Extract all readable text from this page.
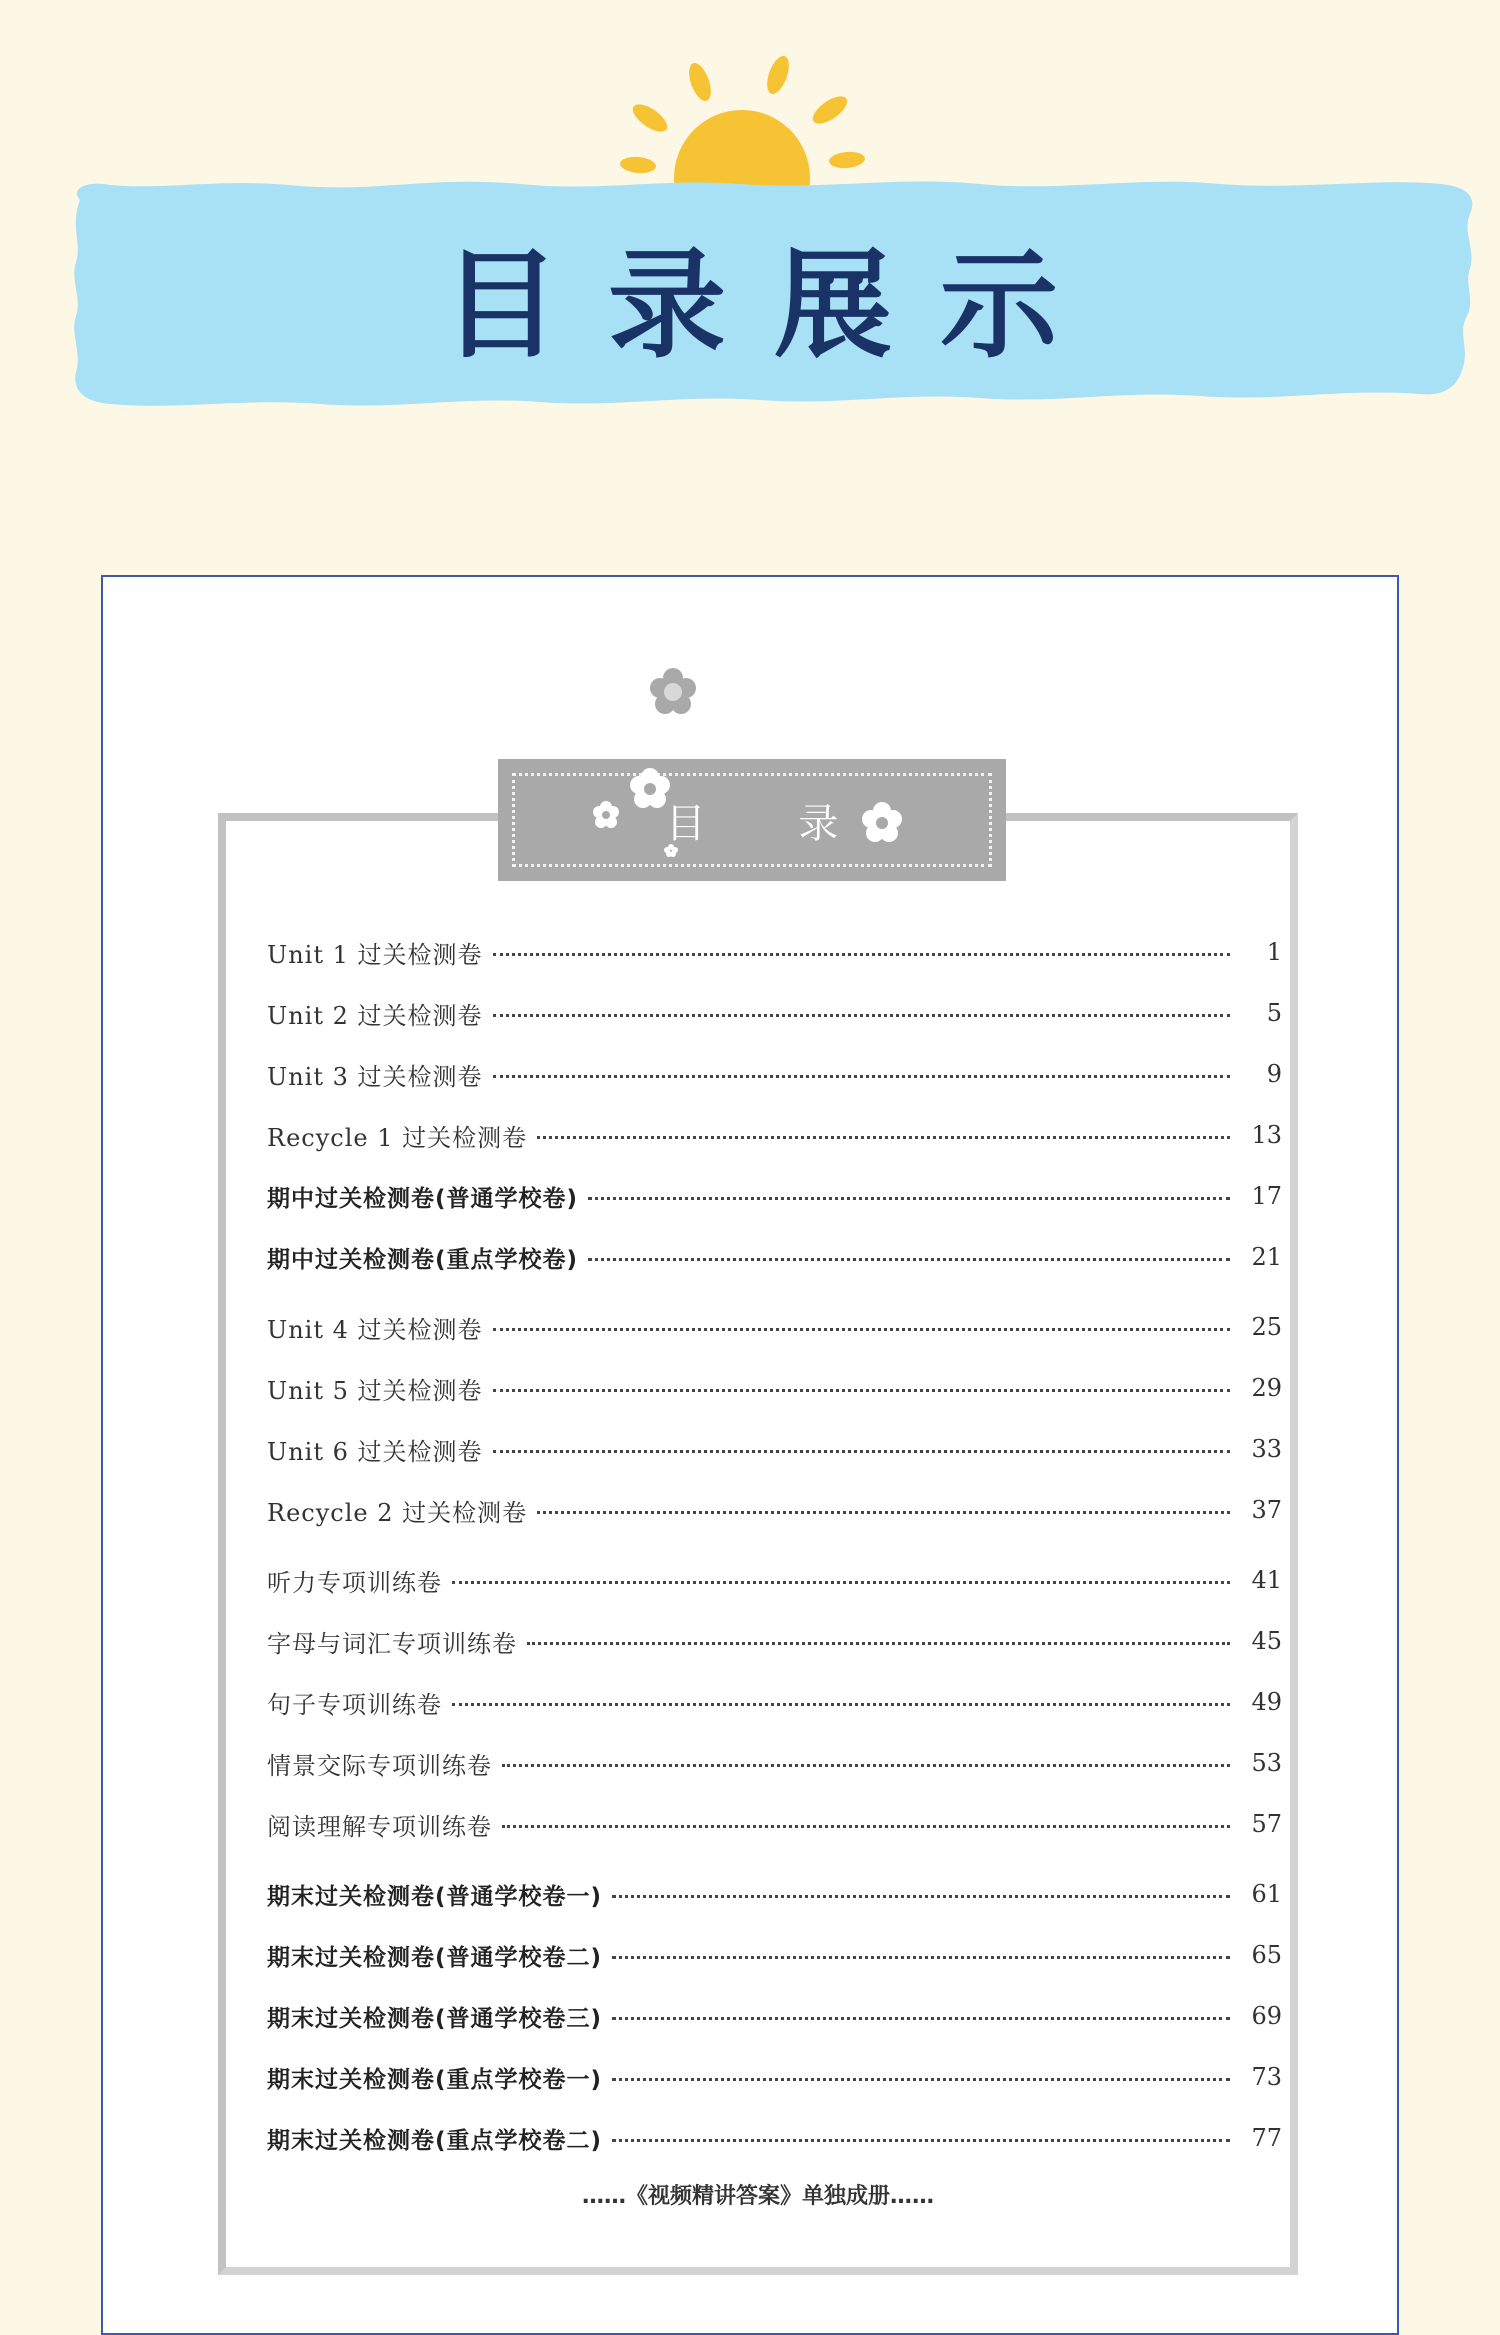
目录展示
目 录
Unit 1 过关检测卷	1
Unit 2 过关检测卷	5
Unit 3 过关检测卷	9
Recycle 1 过关检测卷	13
期中过关检测卷(普通学校卷)	17
期中过关检测卷(重点学校卷)	21
Unit 4 过关检测卷	25
Unit 5 过关检测卷	29
Unit 6 过关检测卷	33
Recycle 2 过关检测卷	37
听力专项训练卷	41
字母与词汇专项训练卷	45
句子专项训练卷	49
情景交际专项训练卷	53
阅读理解专项训练卷	57
期末过关检测卷(普通学校卷一)	61
期末过关检测卷(普通学校卷二)	65
期末过关检测卷(普通学校卷三)	69
期末过关检测卷(重点学校卷一)	73
期末过关检测卷(重点学校卷二)	77
……《视频精讲答案》单独成册……
